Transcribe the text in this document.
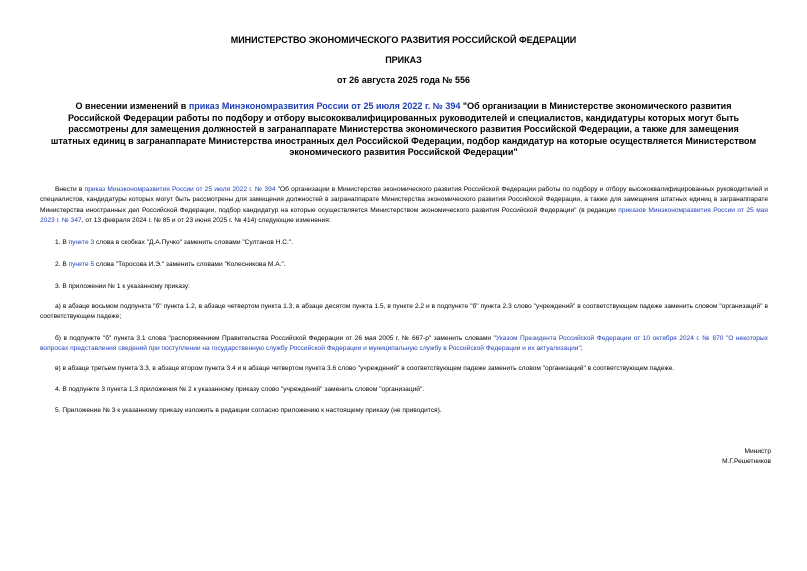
МИНИСТЕРСТВО ЭКОНОМИЧЕСКОГО РАЗВИТИЯ РОССИЙСКОЙ ФЕДЕРАЦИИ
ПРИКАЗ
от 26 августа 2025 года № 556
О внесении изменений в приказ Минэкономразвития России от 25 июля 2022 г. № 394 "Об организации в Министерстве экономического развития Российской Федерации работы по подбору и отбору высококвалифицированных руководителей и специалистов, кандидатуры которых могут быть рассмотрены для замещения должностей в загранаппарате Министерства экономического развития Российской Федерации, а также для замещения штатных единиц в загранаппарате Министерства иностранных дел Российской Федерации, подбор кандидатур на которые осуществляется Министерством экономического развития Российской Федерации"
Внести в приказ Минэкономразвития России от 25 июля 2022 г. № 394 "Об организации в Министерстве экономического развития Российской Федерации работы по подбору и отбору высококвалифицированных руководителей и специалистов, кандидатуры которых могут быть рассмотрены для замещения должностей в загранаппарате Министерства экономического развития Российской Федерации, а также для замещения штатных единиц в загранаппарате Министерства иностранных дел Российской Федерации, подбор кандидатур на которые осуществляется Министерством экономического развития Российской Федерации" (в редакции приказов Минэкономразвития России от 25 мая 2023 г. № 347, от 13 февраля 2024 г. № 85 и от 23 июня 2025 г. № 414) следующие изменения:
1. В пункте 3 слова в скобках "Д.А.Пучко" заменить словами "Султанов Н.С.".
2. В пункте 5 слова "Торосова И.Э." заменить словами "Колесникова М.А.".
3. В приложении № 1 к указанному приказу:
а) в абзаце восьмом подпункта "б" пункта 1.2, в абзаце четвертом пункта 1.3, в абзаце десятом пункта 1.5, в пункте 2.2 и в подпункте "б" пункта 2.3 слово "учреждений" в соответствующем падеже заменить словом "организаций" в соответствующем падеже;
б) в подпункте "б" пункта 3.1 слова "распоряжением Правительства Российской Федерации от 26 мая 2005 г. № 667-р" заменить словами "Указом Президента Российской Федерации от 10 октября 2024 г. № 870 "О некоторых вопросах представления сведений при поступлении на государственную службу Российской Федерации и муниципальную службу в Российской Федерации и их актуализации";
в) в абзаце третьем пункта 3.3, в абзаце втором пункта 3.4 и в абзаце четвертом пункта 3.6 слово "учреждений" в соответствующем падеже заменить словом "организаций" в соответствующем падеже.
4. В подпункте 3 пункта 1.3 приложения № 2 к указанному приказу слово "учреждений" заменить словом "организаций".
5. Приложение № 3 к указанному приказу изложить в редакции согласно приложению к настоящему приказу (не приводится).
Министр
М.Г.Решетников
